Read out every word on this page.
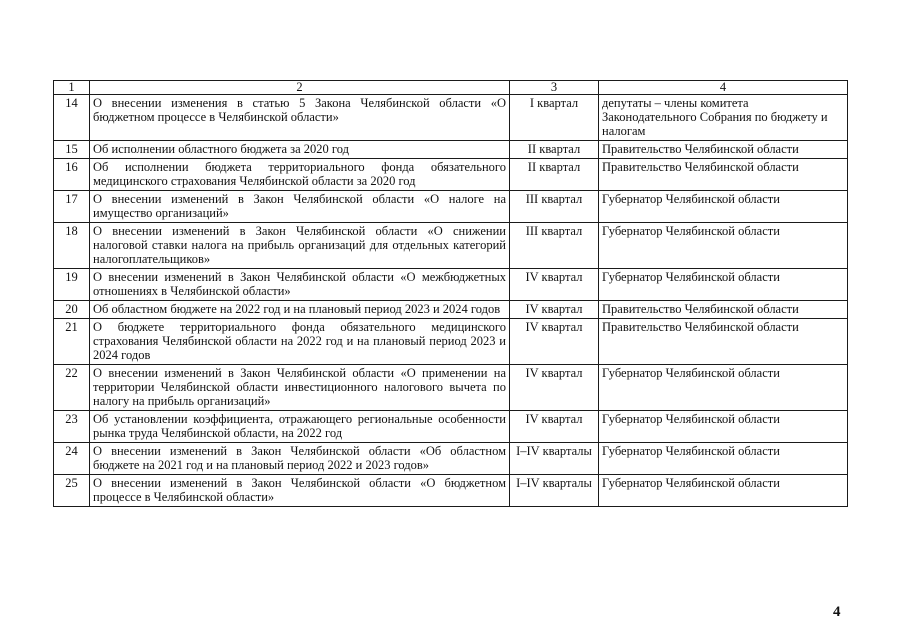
1	2	3	4
14	О внесении изменения в статью 5 Закона Челябинской области «О бюджетном процессе в Челябинской области»	I квартал	депутаты – члены комитета Законодательного Собрания по бюджету и налогам
15	Об исполнении областного бюджета за 2020 год	II квартал	Правительство Челябинской области
16	Об исполнении бюджета территориального фонда обязательного медицинского страхования Челябинской области за 2020 год	II квартал	Правительство Челябинской области
17	О внесении изменений в Закон Челябинской области «О налоге на имущество организаций»	III квартал	Губернатор Челябинской области
18	О внесении изменений в Закон Челябинской области «О снижении налоговой ставки налога на прибыль организаций для отдельных категорий налогоплательщиков»	III квартал	Губернатор Челябинской области
19	О внесении изменений в Закон Челябинской области «О межбюджетных отношениях в Челябинской области»	IV квартал	Губернатор Челябинской области
20	Об областном бюджете на 2022 год и на плановый период 2023 и 2024 годов	IV квартал	Правительство Челябинской области
21	О бюджете территориального фонда обязательного медицинского страхования Челябинской области на 2022 год и на плановый период 2023 и 2024 годов	IV квартал	Правительство Челябинской области
22	О внесении изменений в Закон Челябинской области «О применении на территории Челябинской области инвестиционного налогового вычета по налогу на прибыль организаций»	IV квартал	Губернатор Челябинской области
23	Об установлении коэффициента, отражающего региональные особенности рынка труда Челябинской области, на 2022 год	IV квартал	Губернатор Челябинской области
24	О внесении изменений в Закон Челябинской области «Об областном бюджете на 2021 год и на плановый период 2022 и 2023 годов»	I–IV кварталы	Губернатор Челябинской области
25	О внесении изменений в Закон Челябинской области «О бюджетном процессе в Челябинской области»	I–IV кварталы	Губернатор Челябинской области
4
